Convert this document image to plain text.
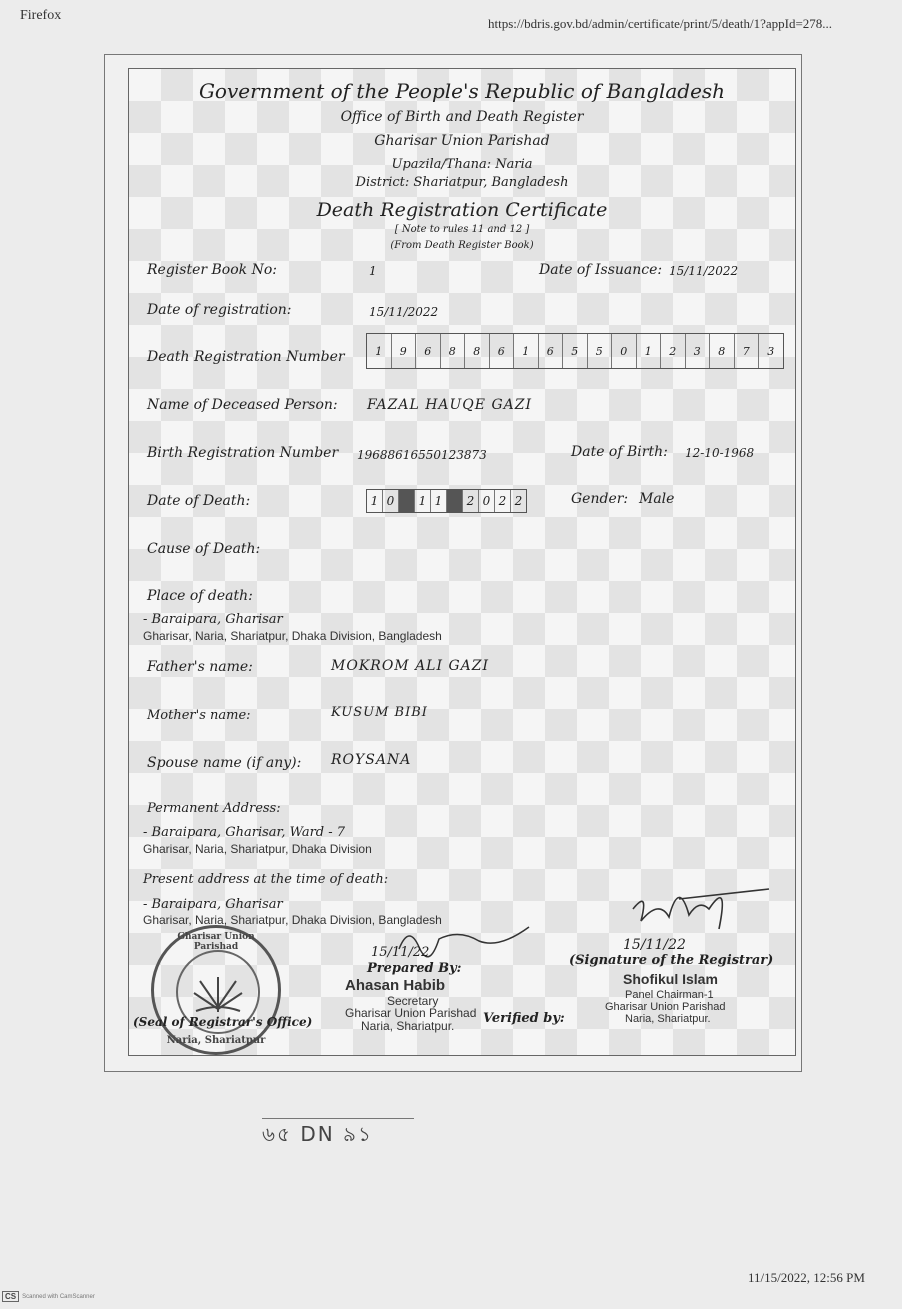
Firefox
https://bdris.gov.bd/admin/certificate/print/5/death/1?appId=278...
Government of the People's Republic of Bangladesh
Office of Birth and Death Register
Gharisar Union Parishad
Upazila/Thana: Naria
District: Shariatpur, Bangladesh
Death Registration Certificate
[ Note to rules 11 and 12 ]
(From Death Register Book)
Register Book No:	1	Date of Issuance: 15/11/2022
Date of registration:	15/11/2022
Death Registration Number	1	9	6	8	8	6	1	6	5	5	0	1	2	3	8	7	3
Name of Deceased Person: FAZAL HAUQE GAZI
Birth Registration Number 19688616550123873	Date of Birth: 12-10-1968
Date of Death:	1 0	1 1	2 0 2 2	Gender: Male
Cause of Death:
Place of death:
- Baraipara, Gharisar
Gharisar, Naria, Shariatpur, Dhaka Division, Bangladesh
Father's name:	MOKROM ALI GAZI
Mother's name:	KUSUM BIBI
Spouse name (if any): ROYSANA
Permanent Address:
- Baraipara, Gharisar, Ward - 7
Gharisar, Naria, Shariatpur, Dhaka Division
Present address at the time of death:
- Baraipara, Gharisar
Gharisar, Naria, Shariatpur, Dhaka Division, Bangladesh
Gharisar Union Parishad
Naria, Shariatpur
(Seal of Registrar's Office)
15/11/22
Prepared By:
Ahasan Habib
Secretary
Gharisar Union Parishad
Naria, Shariatpur. Verified by:
15/11/22
(Signature of the Registrar)
Shofikul Islam
Panel Chairman-1
Gharisar Union Parishad
Naria, Shariatpur.
৬৫ DN ৯১
11/15/2022, 12:56 PM
CS	Scanned with CamScanner
